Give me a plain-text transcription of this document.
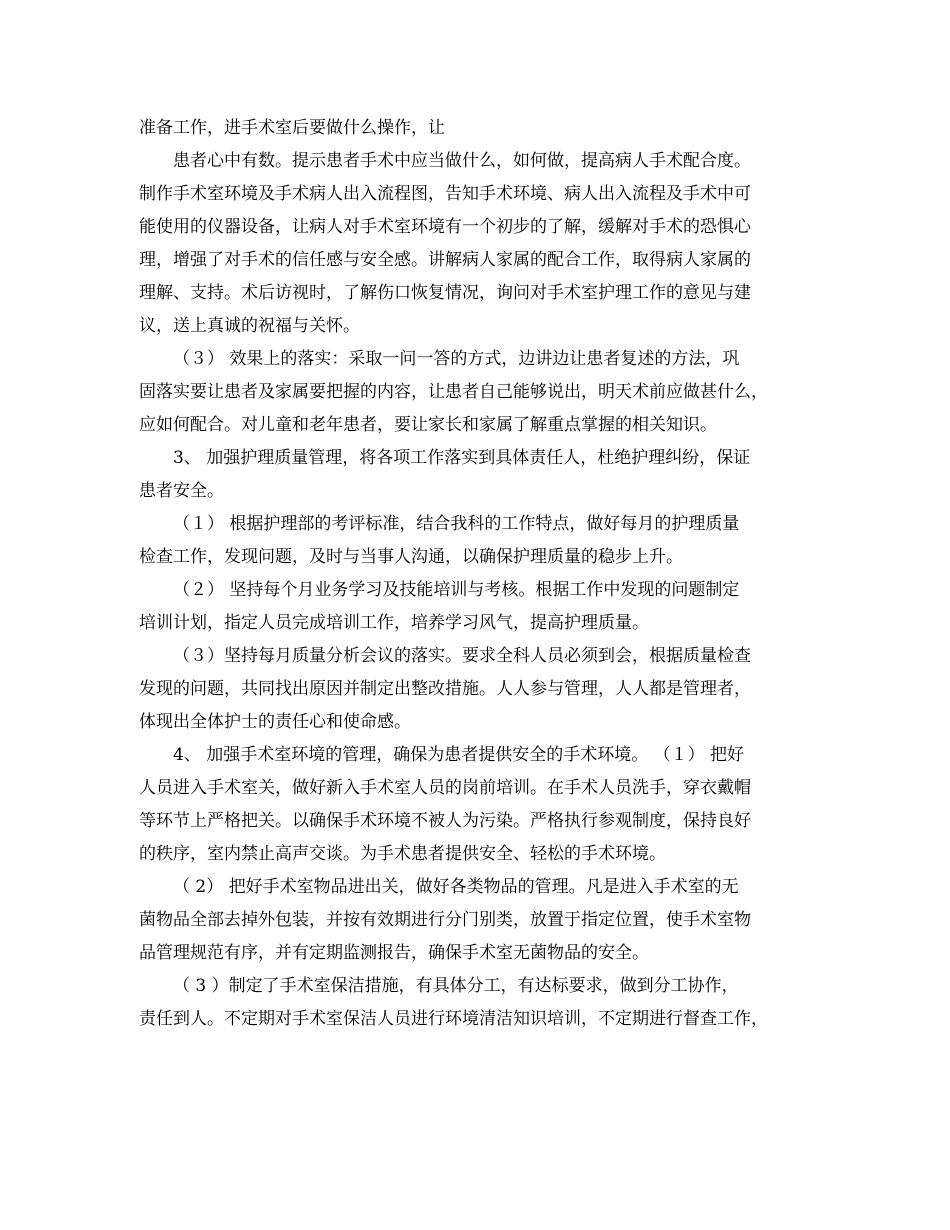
准备工作，进手术室后要做什么操作，让
患者心中有数。提示患者手术中应当做什么，如何做，提高病人手术配合度。
制作手术室环境及手术病人出入流程图，告知手术环境、病人出入流程及手术中可
能使用的仪器设备，让病人对手术室环境有一个初步的了解，缓解对手术的恐惧心
理，增强了对手术的信任感与安全感。讲解病人家属的配合工作，取得病人家属的
理解、支持。术后访视时，了解伤口恢复情况，询问对手术室护理工作的意见与建
议，送上真诚的祝福与关怀。
（３） 效果上的落实：采取一问一答的方式，边讲边让患者复述的方法，巩
固落实要让患者及家属要把握的内容，让患者自己能够说出，明天术前应做甚什么，
应如何配合。对儿童和老年患者，要让家长和家属了解重点掌握的相关知识。
3、 加强护理质量管理，将各项工作落实到具体责任人，杜绝护理纠纷，保证
患者安全。
（１） 根据护理部的考评标准，结合我科的工作特点，做好每月的护理质量
检查工作，发现问题，及时与当事人沟通，以确保护理质量的稳步上升。
（２） 坚持每个月业务学习及技能培训与考核。根据工作中发现的问题制定
培训计划，指定人员完成培训工作，培养学习风气，提高护理质量。
（３）坚持每月质量分析会议的落实。要求全科人员必须到会，根据质量检查
发现的问题，共同找出原因并制定出整改措施。人人参与管理，人人都是管理者，
体现出全体护士的责任心和使命感。
4、 加强手术室环境的管理，确保为患者提供安全的手术环境。 （１） 把好
人员进入手术室关，做好新入手术室人员的岗前培训。在手术人员洗手，穿衣戴帽
等环节上严格把关。以确保手术环境不被人为污染。严格执行参观制度，保持良好
的秩序，室内禁止高声交谈。为手术患者提供安全、轻松的手术环境。
（ 2） 把好手术室物品进出关，做好各类物品的管理。凡是进入手术室的无
菌物品全部去掉外包装，并按有效期进行分门别类，放置于指定位置，使手术室物
品管理规范有序，并有定期监测报告，确保手术室无菌物品的安全。
（ 3 ）制定了手术室保洁措施，有具体分工，有达标要求，做到分工协作，
责任到人。不定期对手术室保洁人员进行环境清洁知识培训，不定期进行督查工作，
